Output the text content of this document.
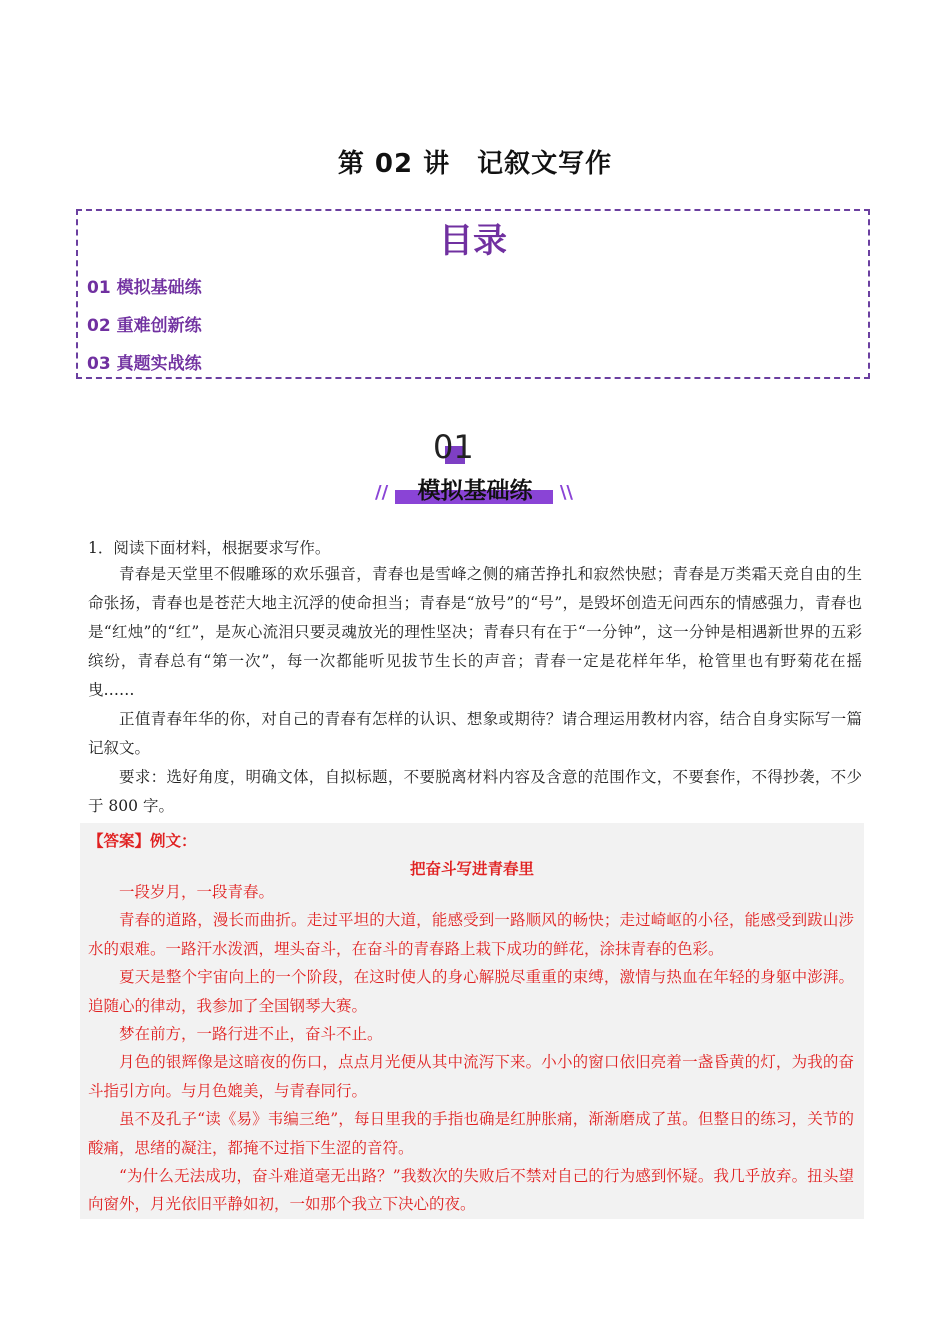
第 02 讲　记叙文写作
目录
01 模拟基础练
02 重难创新练
03 真题实战练
01
//	模拟基础练	\\
1．阅读下面材料，根据要求写作。

青春是天堂里不假雕琢的欢乐强音，青春也是雪峰之侧的痛苦挣扎和寂然快慰；青春是万类霜天竞自由的生命张扬，青春也是苍茫大地主沉浮的使命担当；青春是“放号”的“号”，是毁坏创造无问西东的情感强力，青春也是“红烛”的“红”，是灰心流泪只要灵魂放光的理性坚决；青春只有在于“一分钟”，这一分钟是相遇新世界的五彩缤纷，青春总有“第一次”，每一次都能听见拔节生长的声音；青春一定是花样年华，枪管里也有野菊花在摇曳……

正值青春年华的你，对自己的青春有怎样的认识、想象或期待？请合理运用教材内容，结合自身实际写一篇记叙文。

要求：选好角度，明确文体，自拟标题，不要脱离材料内容及含意的范围作文，不要套作，不得抄袭，不少于 800 字。

【答案】例文：
把奋斗写进青春里

一段岁月，一段青春。

青春的道路，漫长而曲折。走过平坦的大道，能感受到一路顺风的畅快；走过崎岖的小径，能感受到跋山涉水的艰难。一路汗水泼洒，埋头奋斗，在奋斗的青春路上栽下成功的鲜花，涂抹青春的色彩。

夏天是整个宇宙向上的一个阶段，在这时使人的身心解脱尽重重的束缚，激情与热血在年轻的身躯中澎湃。追随心的律动，我参加了全国钢琴大赛。

梦在前方，一路行进不止，奋斗不止。

月色的银辉像是这暗夜的伤口，点点月光便从其中流泻下来。小小的窗口依旧亮着一盏昏黄的灯，为我的奋斗指引方向。与月色媲美，与青春同行。

虽不及孔子“读《易》韦编三绝”，每日里我的手指也确是红肿胀痛，渐渐磨成了茧。但整日的练习，关节的酸痛，思绪的凝注，都掩不过指下生涩的音符。

“为什么无法成功，奋斗难道毫无出路？”我数次的失败后不禁对自己的行为感到怀疑。我几乎放弃。扭头望向窗外，月光依旧平静如初，一如那个我立下决心的夜。
